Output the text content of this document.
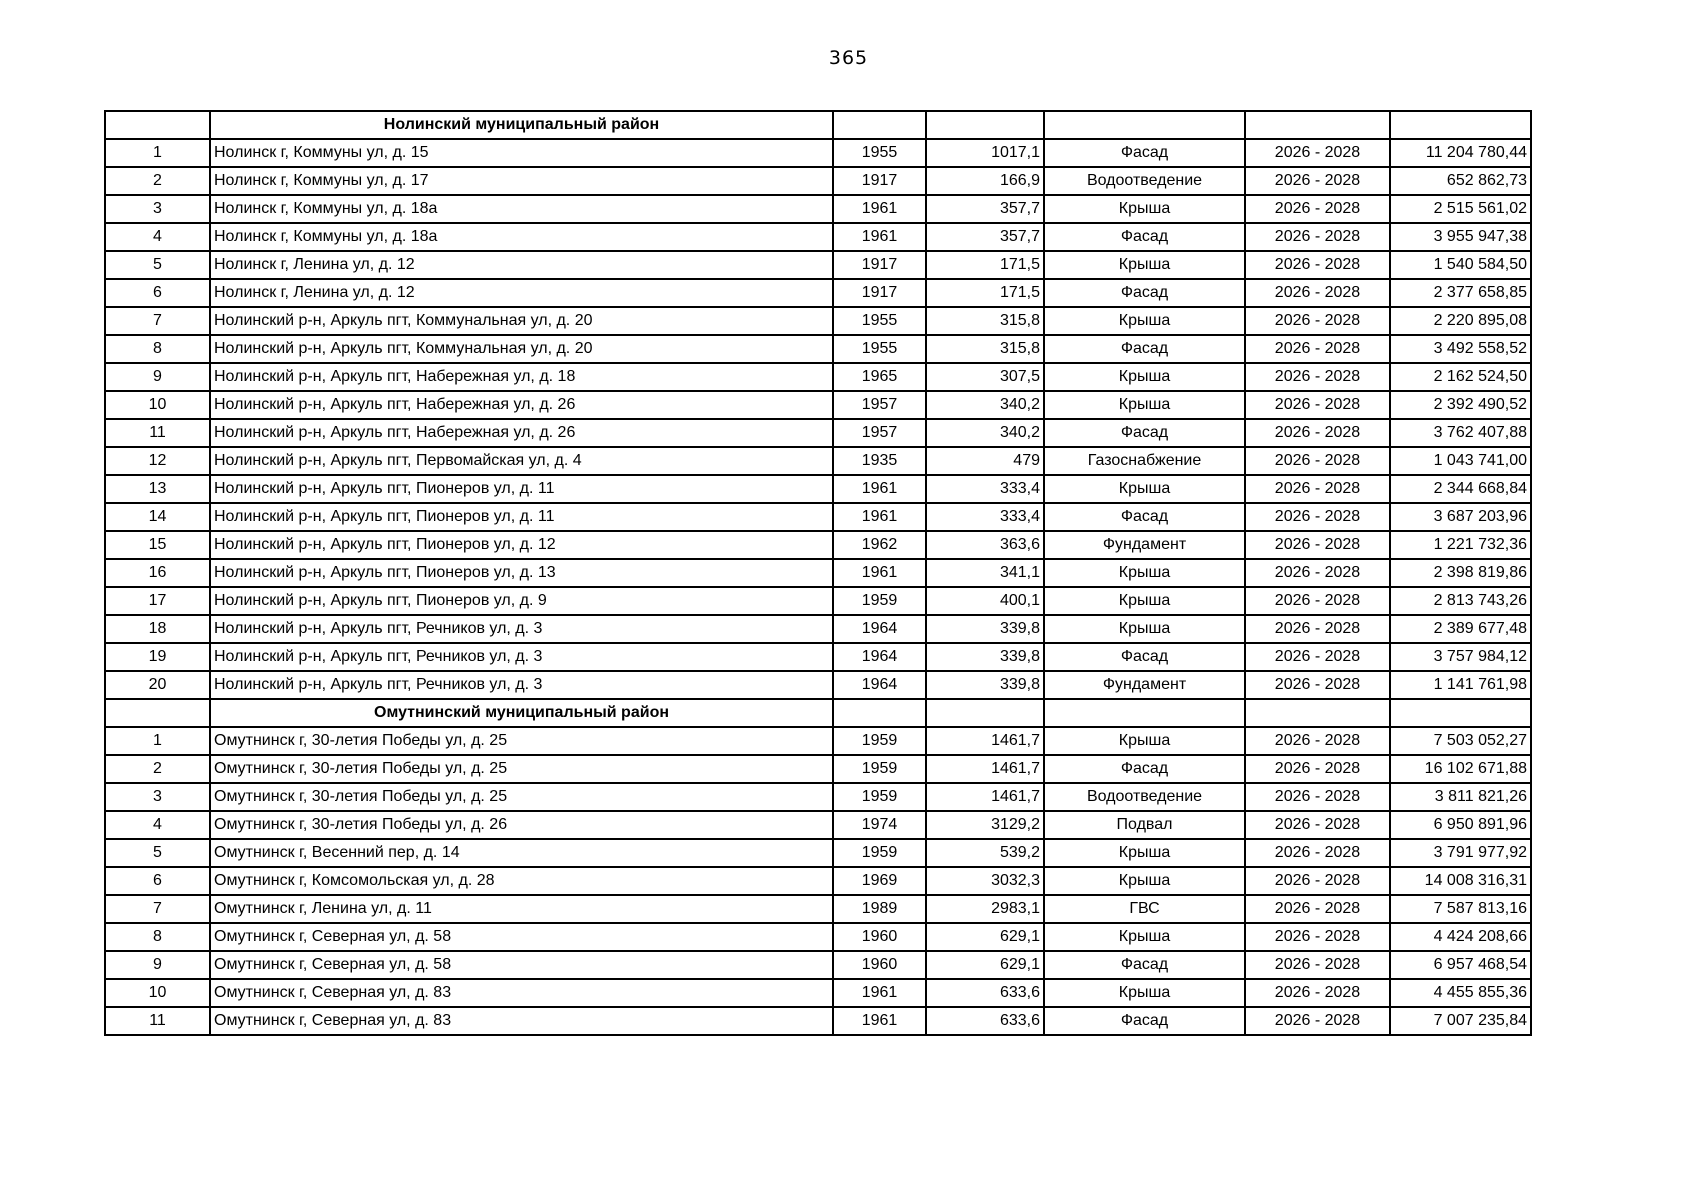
365
	Нолинский муниципальный район					
1	Нолинск г, Коммуны ул, д. 15	1955	1017,1	Фасад	2026 - 2028	11 204 780,44
2	Нолинск г, Коммуны ул, д. 17	1917	166,9	Водоотведение	2026 - 2028	652 862,73
3	Нолинск г, Коммуны ул, д. 18а	1961	357,7	Крыша	2026 - 2028	2 515 561,02
4	Нолинск г, Коммуны ул, д. 18а	1961	357,7	Фасад	2026 - 2028	3 955 947,38
5	Нолинск г, Ленина ул, д. 12	1917	171,5	Крыша	2026 - 2028	1 540 584,50
6	Нолинск г, Ленина ул, д. 12	1917	171,5	Фасад	2026 - 2028	2 377 658,85
7	Нолинский р-н, Аркуль пгт, Коммунальная ул, д. 20	1955	315,8	Крыша	2026 - 2028	2 220 895,08
8	Нолинский р-н, Аркуль пгт, Коммунальная ул, д. 20	1955	315,8	Фасад	2026 - 2028	3 492 558,52
9	Нолинский р-н, Аркуль пгт, Набережная ул, д. 18	1965	307,5	Крыша	2026 - 2028	2 162 524,50
10	Нолинский р-н, Аркуль пгт, Набережная ул, д. 26	1957	340,2	Крыша	2026 - 2028	2 392 490,52
11	Нолинский р-н, Аркуль пгт, Набережная ул, д. 26	1957	340,2	Фасад	2026 - 2028	3 762 407,88
12	Нолинский р-н, Аркуль пгт, Первомайская ул, д. 4	1935	479	Газоснабжение	2026 - 2028	1 043 741,00
13	Нолинский р-н, Аркуль пгт, Пионеров ул, д. 11	1961	333,4	Крыша	2026 - 2028	2 344 668,84
14	Нолинский р-н, Аркуль пгт, Пионеров ул, д. 11	1961	333,4	Фасад	2026 - 2028	3 687 203,96
15	Нолинский р-н, Аркуль пгт, Пионеров ул, д. 12	1962	363,6	Фундамент	2026 - 2028	1 221 732,36
16	Нолинский р-н, Аркуль пгт, Пионеров ул, д. 13	1961	341,1	Крыша	2026 - 2028	2 398 819,86
17	Нолинский р-н, Аркуль пгт, Пионеров ул, д. 9	1959	400,1	Крыша	2026 - 2028	2 813 743,26
18	Нолинский р-н, Аркуль пгт, Речников ул, д. 3	1964	339,8	Крыша	2026 - 2028	2 389 677,48
19	Нолинский р-н, Аркуль пгт, Речников ул, д. 3	1964	339,8	Фасад	2026 - 2028	3 757 984,12
20	Нолинский р-н, Аркуль пгт, Речников ул, д. 3	1964	339,8	Фундамент	2026 - 2028	1 141 761,98
	Омутнинский муниципальный район					
1	Омутнинск г, 30-летия Победы ул, д. 25	1959	1461,7	Крыша	2026 - 2028	7 503 052,27
2	Омутнинск г, 30-летия Победы ул, д. 25	1959	1461,7	Фасад	2026 - 2028	16 102 671,88
3	Омутнинск г, 30-летия Победы ул, д. 25	1959	1461,7	Водоотведение	2026 - 2028	3 811 821,26
4	Омутнинск г, 30-летия Победы ул, д. 26	1974	3129,2	Подвал	2026 - 2028	6 950 891,96
5	Омутнинск г, Весенний пер, д. 14	1959	539,2	Крыша	2026 - 2028	3 791 977,92
6	Омутнинск г, Комсомольская ул, д. 28	1969	3032,3	Крыша	2026 - 2028	14 008 316,31
7	Омутнинск г, Ленина ул, д. 11	1989	2983,1	ГВС	2026 - 2028	7 587 813,16
8	Омутнинск г, Северная ул, д. 58	1960	629,1	Крыша	2026 - 2028	4 424 208,66
9	Омутнинск г, Северная ул, д. 58	1960	629,1	Фасад	2026 - 2028	6 957 468,54
10	Омутнинск г, Северная ул, д. 83	1961	633,6	Крыша	2026 - 2028	4 455 855,36
11	Омутнинск г, Северная ул, д. 83	1961	633,6	Фасад	2026 - 2028	7 007 235,84
